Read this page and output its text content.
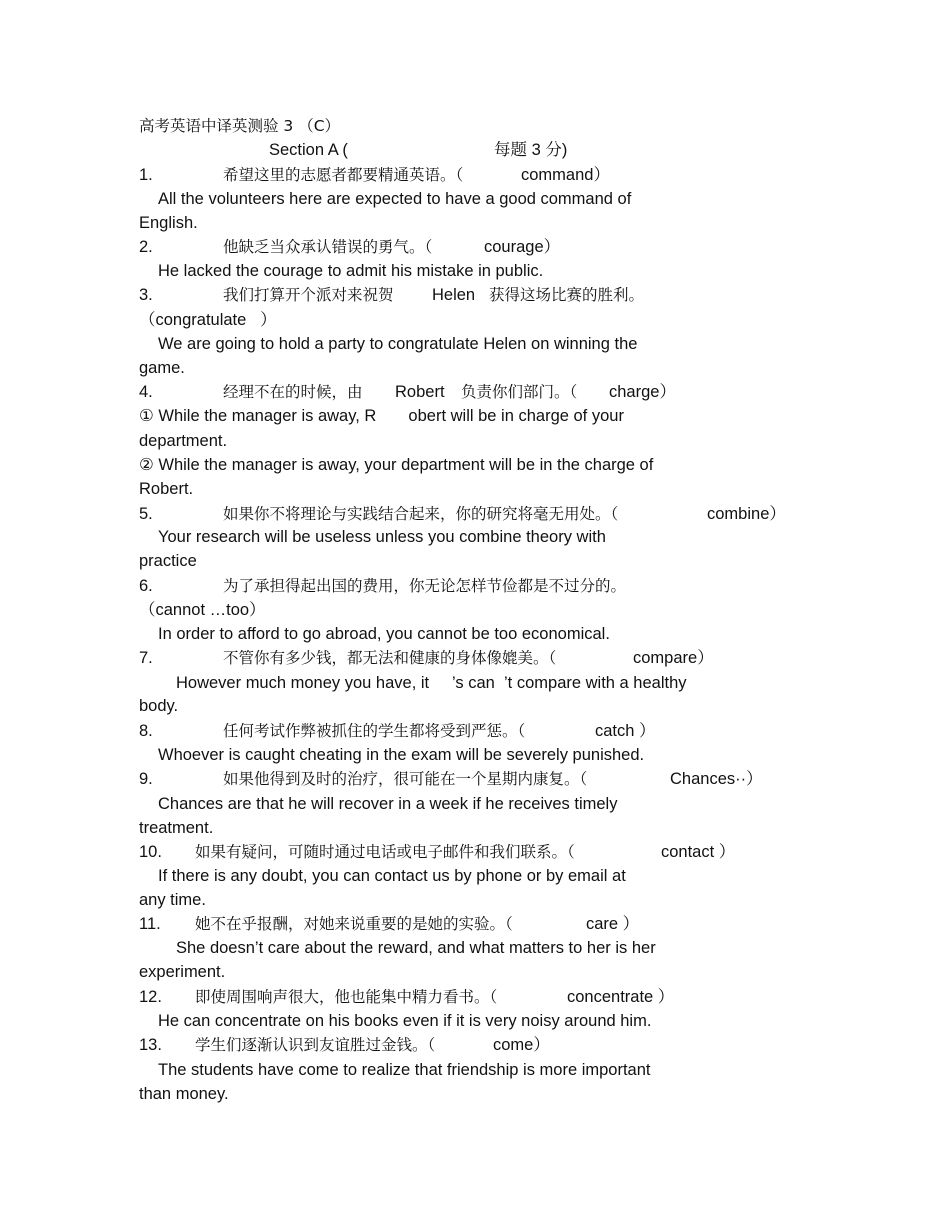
高考英语中译英测验 3 （C）
Section A (	每题 3 分)
1.	希望这里的志愿者都要精通英语。（	command）
All the volunteers here are expected to have a good command of
English.
2.	他缺乏当众承认错误的勇气。（	courage）
He lacked the courage to admit his mistake in public.
3.	我们打算开个派对来祝贺 Helen 获得这场比赛的胜利。
（congratulate   ）
We are going to hold a party to congratulate Helen on winning the
game.
4.	经理不在的时候，由 Robert 负责你们部门。（ charge）
① While the manager is away, R       obert will be in charge of your
department.
② While the manager is away, your department will be in the charge of
Robert.
5.	如果你不将理论与实践结合起来，你的研究将毫无用处。（	combine）
Your research will be useless unless you combine theory with
practice
6.	为了承担得起出国的费用，你无论怎样节俭都是不过分的。
（cannot …too）
In order to afford to go abroad, you cannot be too economical.
7.	不管你有多少钱，都无法和健康的身体像媲美。（	compare）
However much money you have, it     ’s can  ’t compare with a healthy
body.
8.	任何考试作弊被抓住的学生都将受到严惩。（	catch ）
Whoever is caught cheating in the exam will be severely punished.
9.	如果他得到及时的治疗，很可能在一个星期内康复。（	Chances··）
Chances are that he will recover in a week if he receives timely
treatment.
10. 如果有疑问，可随时通过电话或电子邮件和我们联系。（	contact ）
If there is any doubt, you can contact us by phone or by email at
any time.
11. 她不在乎报酬，对她来说重要的是她的实验。（	care ）
She doesn’t care about the reward, and what matters to her is her
experiment.
12. 即使周围响声很大，他也能集中精力看书。（	concentrate ）
He can concentrate on his books even if it is very noisy around him.
13. 学生们逐渐认识到友谊胜过金钱。（	come）
The students have come to realize that friendship is more important
than money.
